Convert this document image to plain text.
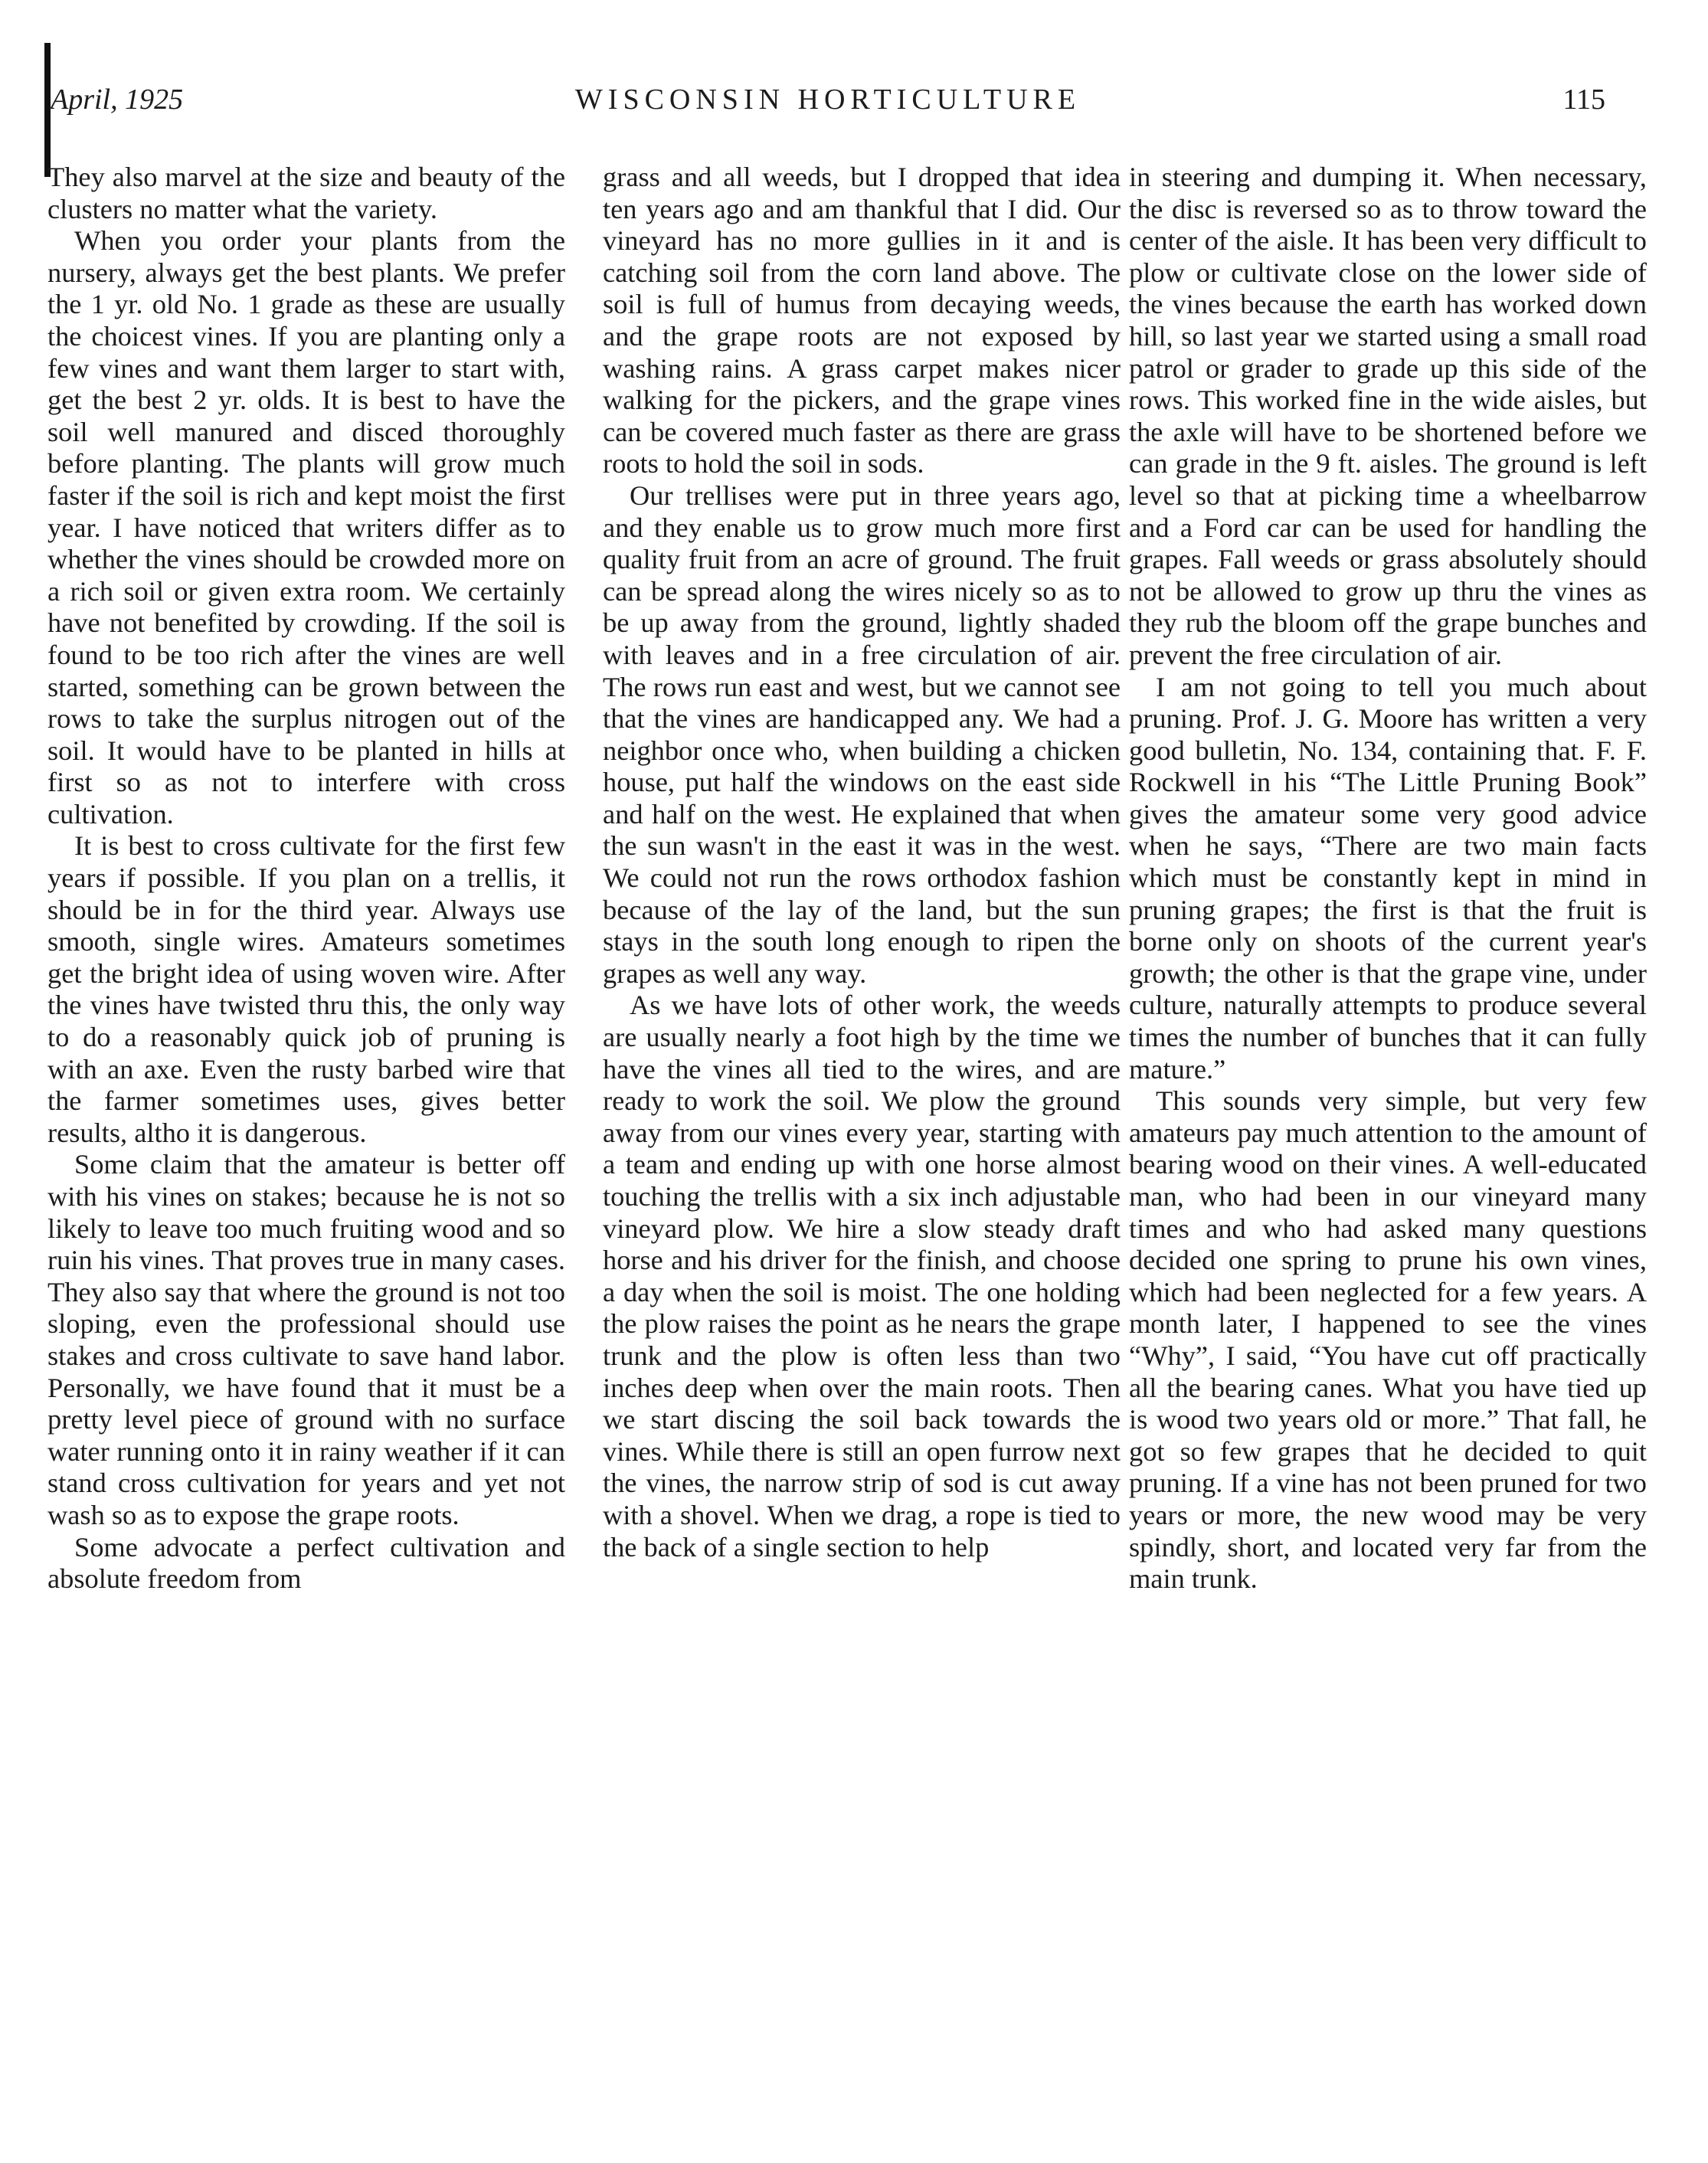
April, 1925	WISCONSIN HORTICULTURE	115

They also marvel at the size and beauty of the clusters no matter what the variety.

When you order your plants from the nursery, always get the best plants. We prefer the 1 yr. old No. 1 grade as these are usually the choicest vines. If you are planting only a few vines and want them larger to start with, get the best 2 yr. olds. It is best to have the soil well manured and disced thoroughly before planting. The plants will grow much faster if the soil is rich and kept moist the first year. I have noticed that writers differ as to whether the vines should be crowded more on a rich soil or given extra room. We certainly have not benefited by crowding. If the soil is found to be too rich after the vines are well started, something can be grown between the rows to take the surplus nitrogen out of the soil. It would have to be planted in hills at first so as not to interfere with cross cultivation.

It is best to cross cultivate for the first few years if possible. If you plan on a trellis, it should be in for the third year. Always use smooth, single wires. Amateurs sometimes get the bright idea of using woven wire. After the vines have twisted thru this, the only way to do a reasonably quick job of pruning is with an axe. Even the rusty barbed wire that the farmer sometimes uses, gives better results, altho it is dangerous.

Some claim that the amateur is better off with his vines on stakes; because he is not so likely to leave too much fruiting wood and so ruin his vines. That proves true in many cases. They also say that where the ground is not too sloping, even the professional should use stakes and cross cultivate to save hand labor. Personally, we have found that it must be a pretty level piece of ground with no surface water running onto it in rainy weather if it can stand cross cultivation for years and yet not wash so as to expose the grape roots.

Some advocate a perfect cultivation and absolute freedom from

grass and all weeds, but I dropped that idea ten years ago and am thankful that I did. Our vineyard has no more gullies in it and is catching soil from the corn land above. The soil is full of humus from decaying weeds, and the grape roots are not exposed by washing rains. A grass carpet makes nicer walking for the pickers, and the grape vines can be covered much faster as there are grass roots to hold the soil in sods.

Our trellises were put in three years ago, and they enable us to grow much more first quality fruit from an acre of ground. The fruit can be spread along the wires nicely so as to be up away from the ground, lightly shaded with leaves and in a free circulation of air. The rows run east and west, but we cannot see that the vines are handicapped any. We had a neighbor once who, when building a chicken house, put half the windows on the east side and half on the west. He explained that when the sun wasn't in the east it was in the west. We could not run the rows orthodox fashion because of the lay of the land, but the sun stays in the south long enough to ripen the grapes as well any way.

As we have lots of other work, the weeds are usually nearly a foot high by the time we have the vines all tied to the wires, and are ready to work the soil. We plow the ground away from our vines every year, starting with a team and ending up with one horse almost touching the trellis with a six inch adjustable vineyard plow. We hire a slow steady draft horse and his driver for the finish, and choose a day when the soil is moist. The one holding the plow raises the point as he nears the grape trunk and the plow is often less than two inches deep when over the main roots. Then we start discing the soil back towards the vines. While there is still an open furrow next the vines, the narrow strip of sod is cut away with a shovel. When we drag, a rope is tied to the back of a single section to help

in steering and dumping it. When necessary, the disc is reversed so as to throw toward the center of the aisle. It has been very difficult to plow or cultivate close on the lower side of the vines because the earth has worked down hill, so last year we started using a small road patrol or grader to grade up this side of the rows. This worked fine in the wide aisles, but the axle will have to be shortened before we can grade in the 9 ft. aisles. The ground is left level so that at picking time a wheelbarrow and a Ford car can be used for handling the grapes. Fall weeds or grass absolutely should not be allowed to grow up thru the vines as they rub the bloom off the grape bunches and prevent the free circulation of air.

I am not going to tell you much about pruning. Prof. J. G. Moore has written a very good bulletin, No. 134, containing that. F. F. Rockwell in his “The Little Pruning Book” gives the amateur some very good advice when he says, “There are two main facts which must be constantly kept in mind in pruning grapes; the first is that the fruit is borne only on shoots of the current year's growth; the other is that the grape vine, under culture, naturally attempts to produce several times the number of bunches that it can fully mature.”

This sounds very simple, but very few amateurs pay much attention to the amount of bearing wood on their vines. A well-educated man, who had been in our vineyard many times and who had asked many questions decided one spring to prune his own vines, which had been neglected for a few years. A month later, I happened to see the vines “Why”, I said, “You have cut off practically all the bearing canes. What you have tied up is wood two years old or more.” That fall, he got so few grapes that he decided to quit pruning. If a vine has not been pruned for two years or more, the new wood may be very spindly, short, and located very far from the main trunk.
